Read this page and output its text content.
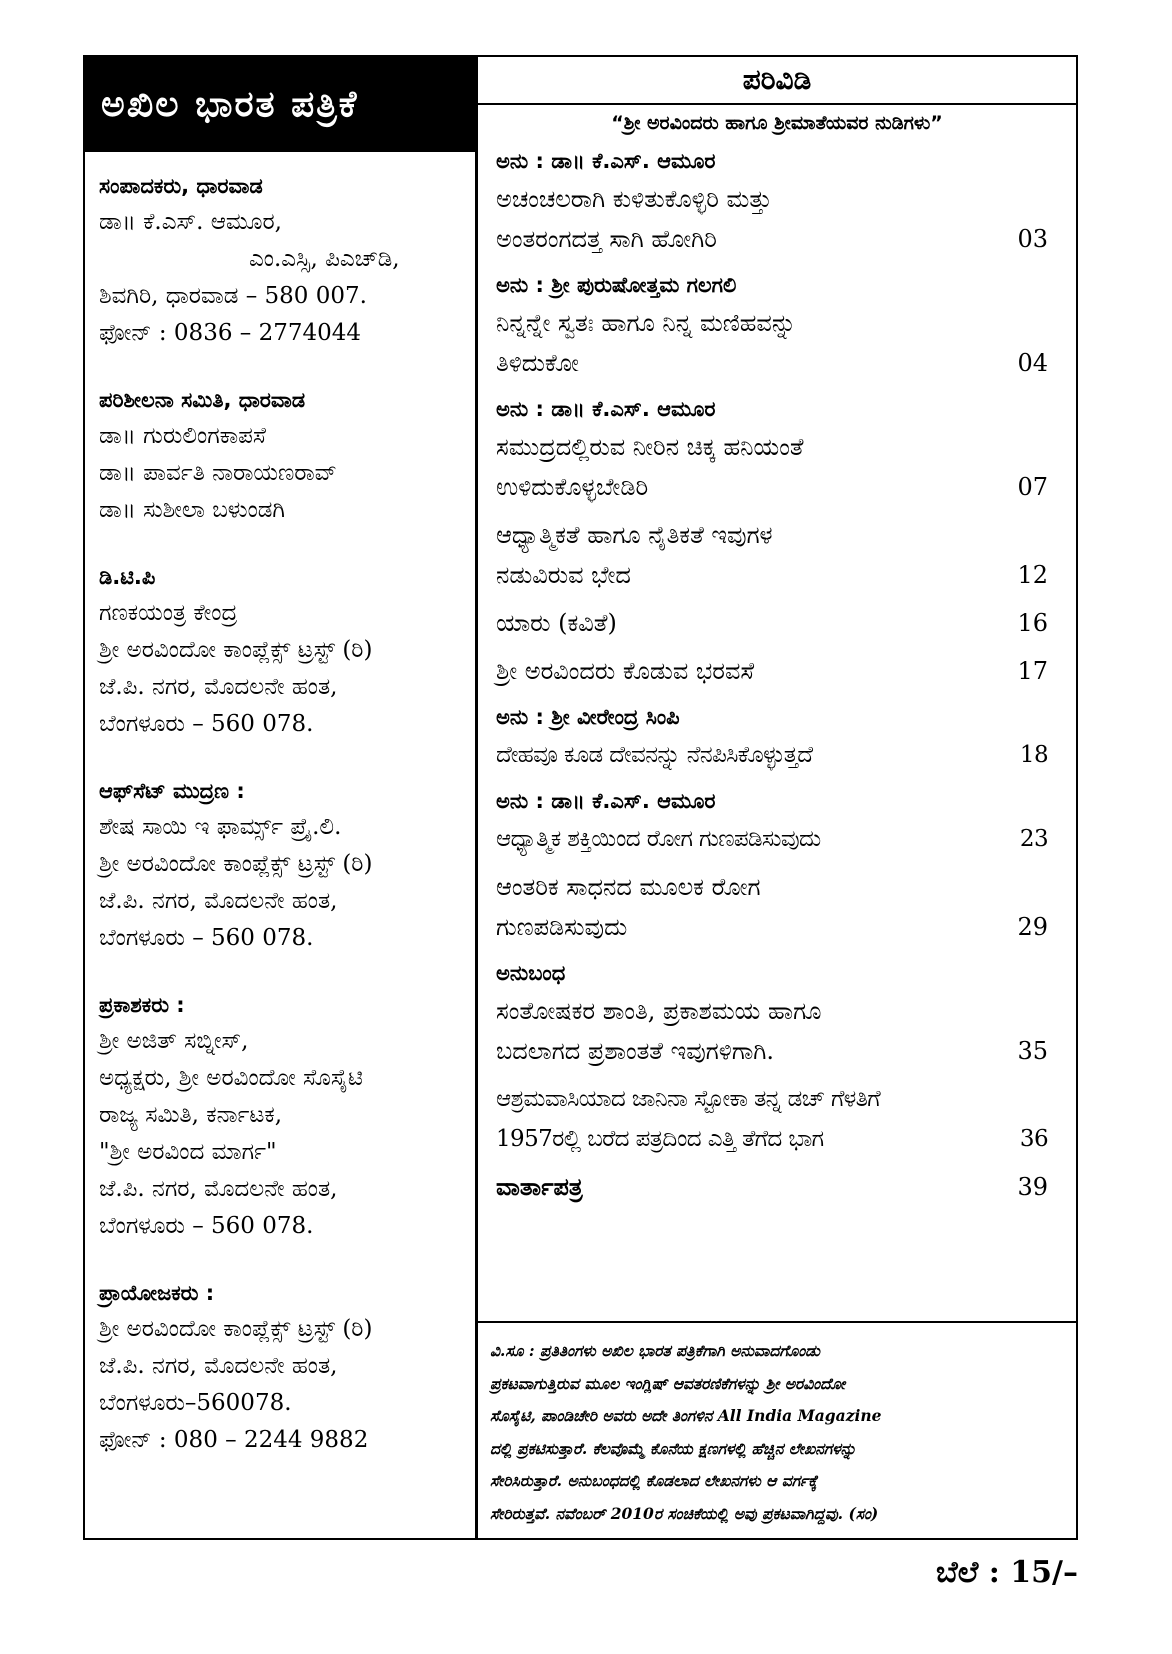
ಅಖಿಲ ಭಾರತ ಪತ್ರಿಕೆ
ಸಂಪಾದಕರು, ಧಾರವಾಡ
ಡಾ॥ ಕೆ.ಎಸ್. ಆಮೂರ,
ಎಂ.ಎಸ್ಸಿ, ಪಿಎಚ್‌ಡಿ,
ಶಿವಗಿರಿ, ಧಾರವಾಡ – 580 007.
ಫೋನ್ : 0836 – 2774044
ಪರಿಶೀಲನಾ ಸಮಿತಿ, ಧಾರವಾಡ
ಡಾ॥ ಗುರುಲಿಂಗಕಾಪಸೆ
ಡಾ॥ ಪಾರ್ವತಿ ನಾರಾಯಣರಾವ್
ಡಾ॥ ಸುಶೀಲಾ ಬಳುಂಡಗಿ
ಡಿ.ಟಿ.ಪಿ
ಗಣಕಯಂತ್ರ ಕೇಂದ್ರ
ಶ್ರೀ ಅರವಿಂದೋ ಕಾಂಪ್ಲೆಕ್ಸ್ ಟ್ರಸ್ಟ್ (ರಿ)
ಜೆ.ಪಿ. ನಗರ, ಮೊದಲನೇ ಹಂತ,
ಬೆಂಗಳೂರು – 560 078.
ಆಫ್‌ಸೆಟ್ ಮುದ್ರಣ :
ಶೇಷ ಸಾಯಿ ಇ ಫಾರ್ಮ್ಸ್ ಪ್ರೈ.ಲಿ.
ಶ್ರೀ ಅರವಿಂದೋ ಕಾಂಪ್ಲೆಕ್ಸ್ ಟ್ರಸ್ಟ್ (ರಿ)
ಜೆ.ಪಿ. ನಗರ, ಮೊದಲನೇ ಹಂತ,
ಬೆಂಗಳೂರು – 560 078.
ಪ್ರಕಾಶಕರು :
ಶ್ರೀ ಅಜಿತ್ ಸಬ್ನೀಸ್,
ಅಧ್ಯಕ್ಷರು, ಶ್ರೀ ಅರವಿಂದೋ ಸೊಸೈಟಿ
ರಾಜ್ಯ ಸಮಿತಿ, ಕರ್ನಾಟಕ,
"ಶ್ರೀ ಅರವಿಂದ ಮಾರ್ಗ"
ಜೆ.ಪಿ. ನಗರ, ಮೊದಲನೇ ಹಂತ,
ಬೆಂಗಳೂರು – 560 078.
ಪ್ರಾಯೋಜಕರು :
ಶ್ರೀ ಅರವಿಂದೋ ಕಾಂಪ್ಲೆಕ್ಸ್ ಟ್ರಸ್ಟ್ (ರಿ)
ಜೆ.ಪಿ. ನಗರ, ಮೊದಲನೇ ಹಂತ,
ಬೆಂಗಳೂರು–560078.
ಫೋನ್ : 080 – 2244 9882
ಪರಿವಿಡಿ
“ಶ್ರೀ ಅರವಿಂದರು ಹಾಗೂ ಶ್ರೀಮಾತೆಯವರ ನುಡಿಗಳು”
ಅನು : ಡಾ॥ ಕೆ.ಎಸ್. ಆಮೂರ
ಅಚಂಚಲರಾಗಿ ಕುಳಿತುಕೊಳ್ಳಿರಿ ಮತ್ತು
ಅಂತರಂಗದತ್ತ ಸಾಗಿ ಹೋಗಿರಿ	03
ಅನು : ಶ್ರೀ ಪುರುಷೋತ್ತಮ ಗಲಗಲಿ
ನಿನ್ನನ್ನೇ ಸ್ವತಃ ಹಾಗೂ ನಿನ್ನ ಮಣಿಹವನ್ನು
ತಿಳಿದುಕೋ	04
ಅನು : ಡಾ॥ ಕೆ.ಎಸ್. ಆಮೂರ
ಸಮುದ್ರದಲ್ಲಿರುವ ನೀರಿನ ಚಿಕ್ಕ ಹನಿಯಂತೆ
ಉಳಿದುಕೊಳ್ಳಬೇಡಿರಿ	07
ಆಧ್ಯಾತ್ಮಿಕತೆ ಹಾಗೂ ನೈತಿಕತೆ ಇವುಗಳ
ನಡುವಿರುವ ಭೇದ	12
ಯಾರು (ಕವಿತೆ)	16
ಶ್ರೀ ಅರವಿಂದರು ಕೊಡುವ ಭರವಸೆ	17
ಅನು : ಶ್ರೀ ವೀರೇಂದ್ರ ಸಿಂಪಿ
ದೇಹವೂ ಕೂಡ ದೇವನನ್ನು ನೆನಪಿಸಿಕೊಳ್ಳುತ್ತದೆ	18
ಅನು : ಡಾ॥ ಕೆ.ಎಸ್. ಆಮೂರ
ಆಧ್ಯಾತ್ಮಿಕ ಶಕ್ತಿಯಿಂದ ರೋಗ ಗುಣಪಡಿಸುವುದು	23
ಆಂತರಿಕ ಸಾಧನದ ಮೂಲಕ ರೋಗ
ಗುಣಪಡಿಸುವುದು	29
ಅನುಬಂಧ
ಸಂತೋಷಕರ ಶಾಂತಿ, ಪ್ರಕಾಶಮಯ ಹಾಗೂ
ಬದಲಾಗದ ಪ್ರಶಾಂತತೆ ಇವುಗಳಿಗಾಗಿ.	35
ಆಶ್ರಮವಾಸಿಯಾದ ಜಾನಿನಾ ಸ್ಟೋಕಾ ತನ್ನ ಡಚ್ ಗೆಳತಿಗೆ
1957ರಲ್ಲಿ ಬರೆದ ಪತ್ರದಿಂದ ಎತ್ತಿ ತೆಗೆದ ಭಾಗ	36
ವಾರ್ತಾಪತ್ರ	39
ವಿ.ಸೂ : ಪ್ರತಿತಿಂಗಳು ಅಖಿಲ ಭಾರತ ಪತ್ರಿಕೆಗಾಗಿ ಅನುವಾದಗೊಂಡು
ಪ್ರಕಟವಾಗುತ್ತಿರುವ ಮೂಲ ಇಂಗ್ಲಿಷ್ ಆವತರಣಿಕೆಗಳನ್ನು ಶ್ರೀ ಅರವಿಂದೋ
ಸೊಸೈಟಿ, ಪಾಂಡಿಚೇರಿ ಅವರು ಅದೇ ತಿಂಗಳಿನ All India Magazine
ದಲ್ಲಿ ಪ್ರಕಟಿಸುತ್ತಾರೆ. ಕೆಲವೊಮ್ಮೆ ಕೊನೆಯ ಕ್ಷಣಗಳಲ್ಲಿ ಹೆಚ್ಚಿನ ಲೇಖನಗಳನ್ನು
ಸೇರಿಸಿರುತ್ತಾರೆ. ಅನುಬಂಧದಲ್ಲಿ ಕೊಡಲಾದ ಲೇಖನಗಳು ಆ ವರ್ಗಕ್ಕೆ
ಸೇರಿರುತ್ತವೆ. ನವೆಂಬರ್ 2010ರ ಸಂಚಿಕೆಯಲ್ಲಿ ಅವು ಪ್ರಕಟವಾಗಿದ್ದವು. (ಸಂ)
ಬೆಲೆ : 15/–
